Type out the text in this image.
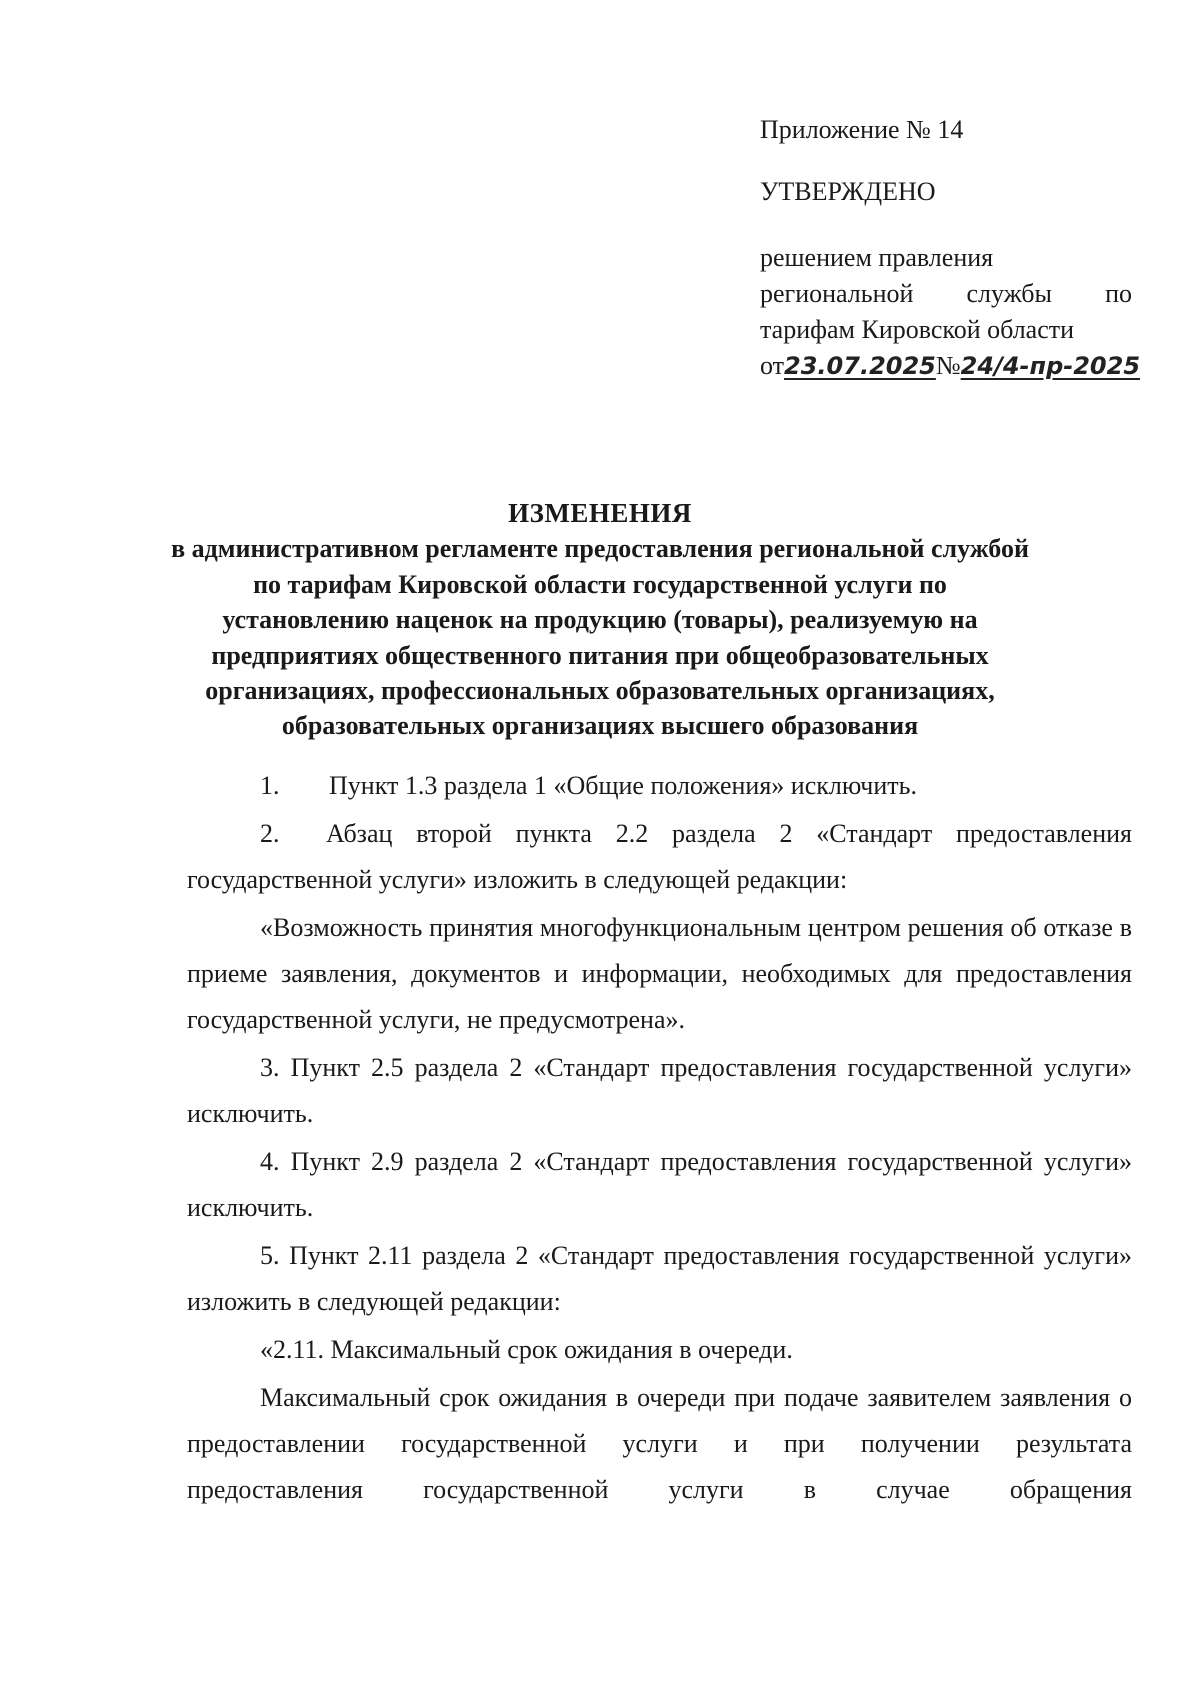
Приложение № 14
УТВЕРЖДЕНО
решением правления
региональной службы по
тарифам Кировской области
от 23.07.2025 № 24/4-пр-2025
ИЗМЕНЕНИЯ
в административном регламенте предоставления региональной службой
по тарифам Кировской области государственной услуги по
установлению наценок на продукцию (товары), реализуемую на
предприятиях общественного питания при общеобразовательных
организациях, профессиональных образовательных организациях,
образовательных организациях высшего образования

1.	Пункт 1.3 раздела 1 «Общие положения» исключить.

2. Абзац второй пункта 2.2 раздела 2 «Стандарт предоставления государственной услуги» изложить в следующей редакции:

«Возможность принятия многофункциональным центром решения об отказе в приеме заявления, документов и информации, необходимых для предоставления государственной услуги, не предусмотрена».

3. Пункт 2.5 раздела 2 «Стандарт предоставления государственной услуги» исключить.

4. Пункт 2.9 раздела 2 «Стандарт предоставления государственной услуги» исключить.

5. Пункт 2.11 раздела 2 «Стандарт предоставления государственной услуги» изложить в следующей редакции:

«2.11. Максимальный срок ожидания в очереди.

Максимальный срок ожидания в очереди при подаче заявителем заявления о предоставлении государственной услуги и при получении результата предоставления государственной услуги в случае обращения
